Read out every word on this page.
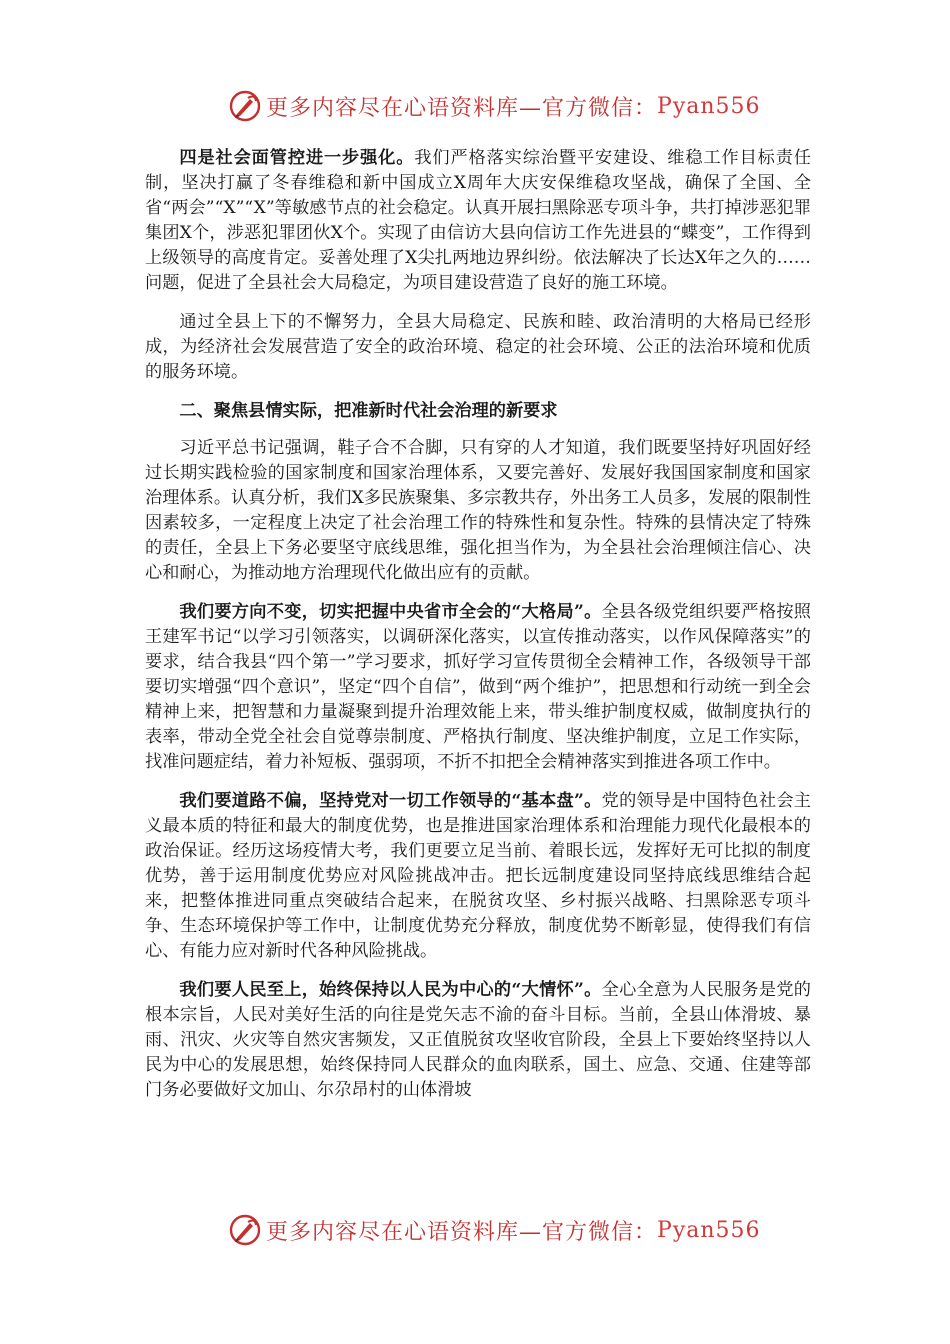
更多内容尽在心语资料库—官方微信： Pyan556

四是社会面管控进一步强化。我们严格落实综治暨平安建设、维稳工作目标责任制，坚决打赢了冬春维稳和新中国成立X周年大庆安保维稳攻坚战，确保了全国、全省“两会”“X”“X”等敏感节点的社会稳定。认真开展扫黑除恶专项斗争，共打掉涉恶犯罪集团X个，涉恶犯罪团伙X个。实现了由信访大县向信访工作先进县的“蝶变”，工作得到上级领导的高度肯定。妥善处理了X尖扎两地边界纠纷。依法解决了长达X年之久的……问题，促进了全县社会大局稳定，为项目建设营造了良好的施工环境。

通过全县上下的不懈努力，全县大局稳定、民族和睦、政治清明的大格局已经形成，为经济社会发展营造了安全的政治环境、稳定的社会环境、公正的法治环境和优质的服务环境。

二、聚焦县情实际，把准新时代社会治理的新要求

习近平总书记强调，鞋子合不合脚，只有穿的人才知道，我们既要坚持好巩固好经过长期实践检验的国家制度和国家治理体系，又要完善好、发展好我国国家制度和国家治理体系。认真分析，我们X多民族聚集、多宗教共存，外出务工人员多，发展的限制性因素较多，一定程度上决定了社会治理工作的特殊性和复杂性。特殊的县情决定了特殊的责任，全县上下务必要坚守底线思维，强化担当作为，为全县社会治理倾注信心、决心和耐心，为推动地方治理现代化做出应有的贡献。

我们要方向不变，切实把握中央省市全会的“大格局”。全县各级党组织要严格按照王建军书记“以学习引领落实，以调研深化落实，以宣传推动落实，以作风保障落实”的要求，结合我县“四个第一”学习要求，抓好学习宣传贯彻全会精神工作，各级领导干部要切实增强“四个意识”，坚定“四个自信”，做到“两个维护”，把思想和行动统一到全会精神上来，把智慧和力量凝聚到提升治理效能上来，带头维护制度权威，做制度执行的表率，带动全党全社会自觉尊崇制度、严格执行制度、坚决维护制度，立足工作实际，找准问题症结，着力补短板、强弱项，不折不扣把全会精神落实到推进各项工作中。

我们要道路不偏，坚持党对一切工作领导的“基本盘”。党的领导是中国特色社会主义最本质的特征和最大的制度优势，也是推进国家治理体系和治理能力现代化最根本的政治保证。经历这场疫情大考，我们更要立足当前、着眼长远，发挥好无可比拟的制度优势，善于运用制度优势应对风险挑战冲击。把长远制度建设同坚持底线思维结合起来，把整体推进同重点突破结合起来，在脱贫攻坚、乡村振兴战略、扫黑除恶专项斗争、生态环境保护等工作中，让制度优势充分释放，制度优势不断彰显，使得我们有信心、有能力应对新时代各种风险挑战。

我们要人民至上，始终保持以人民为中心的“大情怀”。全心全意为人民服务是党的根本宗旨，人民对美好生活的向往是党矢志不渝的奋斗目标。当前，全县山体滑坡、暴雨、汛灾、火灾等自然灾害频发，又正值脱贫攻坚收官阶段，全县上下要始终坚持以人民为中心的发展思想，始终保持同人民群众的血肉联系，国土、应急、交通、住建等部门务必要做好文加山、尔尕昂村的山体滑坡

更多内容尽在心语资料库—官方微信： Pyan556
